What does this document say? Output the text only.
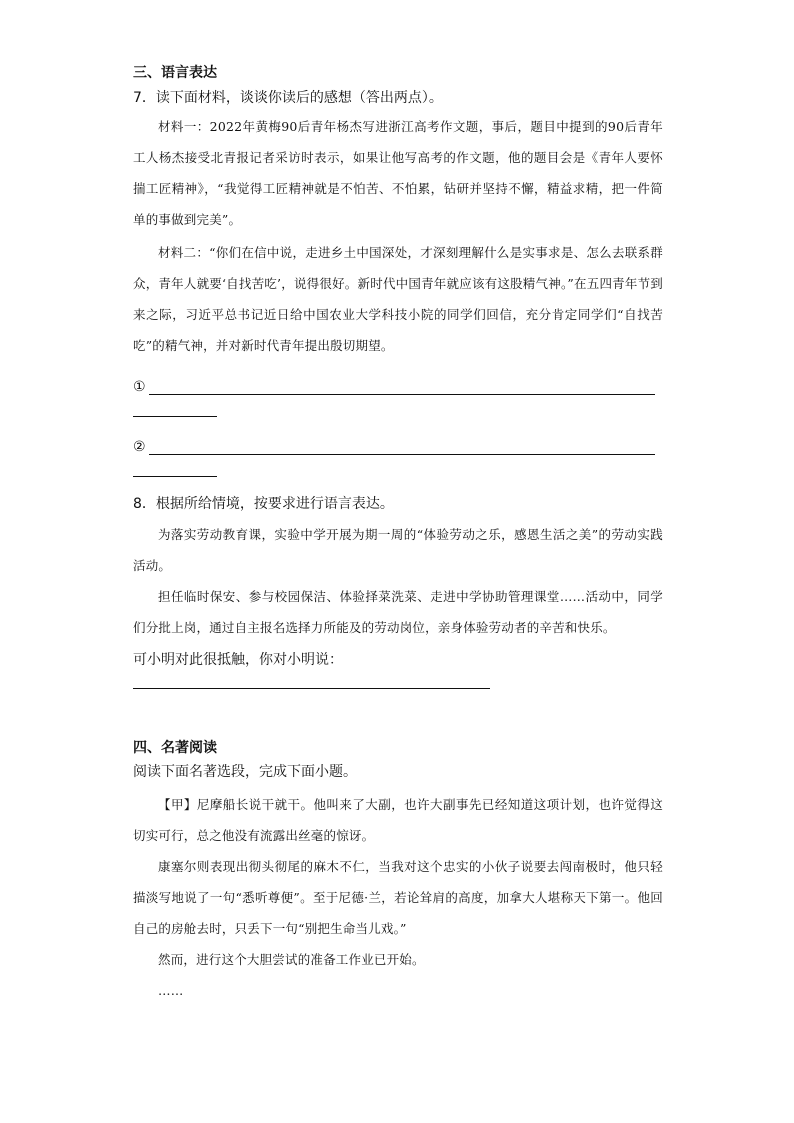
三、语言表达

7．读下面材料，谈谈你读后的感想（答出两点）。

材料一：2022年黄梅90后青年杨杰写进浙江高考作文题，事后，题目中提到的90后青年工人杨杰接受北青报记者采访时表示，如果让他写高考的作文题，他的题目会是《青年人要怀揣工匠精神》，“我觉得工匠精神就是不怕苦、不怕累，钻研并坚持不懈，精益求精，把一件简单的事做到完美”。

材料二：“你们在信中说，走进乡土中国深处，才深刻理解什么是实事求是、怎么去联系群众，青年人就要‘自找苦吃’，说得很好。新时代中国青年就应该有这股精气神。”在五四青年节到来之际，习近平总书记近日给中国农业大学科技小院的同学们回信，充分肯定同学们“自找苦吃”的精气神，并对新时代青年提出殷切期望。

①
②

8．根据所给情境，按要求进行语言表达。

为落实劳动教育课，实验中学开展为期一周的“体验劳动之乐，感恩生活之美”的劳动实践活动。

担任临时保安、参与校园保洁、体验择菜洗菜、走进中学协助管理课堂……活动中，同学们分批上岗，通过自主报名选择力所能及的劳动岗位，亲身体验劳动者的辛苦和快乐。

可小明对此很抵触，你对小明说：

四、名著阅读

阅读下面名著选段，完成下面小题。

【甲】尼摩船长说干就干。他叫来了大副，也许大副事先已经知道这项计划，也许觉得这切实可行，总之他没有流露出丝毫的惊讶。

康塞尔则表现出彻头彻尾的麻木不仁，当我对这个忠实的小伙子说要去闯南极时，他只轻描淡写地说了一句“悉听尊便”。至于尼德·兰，若论耸肩的高度，加拿大人堪称天下第一。他回自己的房舱去时，只丢下一句“别把生命当儿戏。”

然而，进行这个大胆尝试的准备工作业已开始。

……
